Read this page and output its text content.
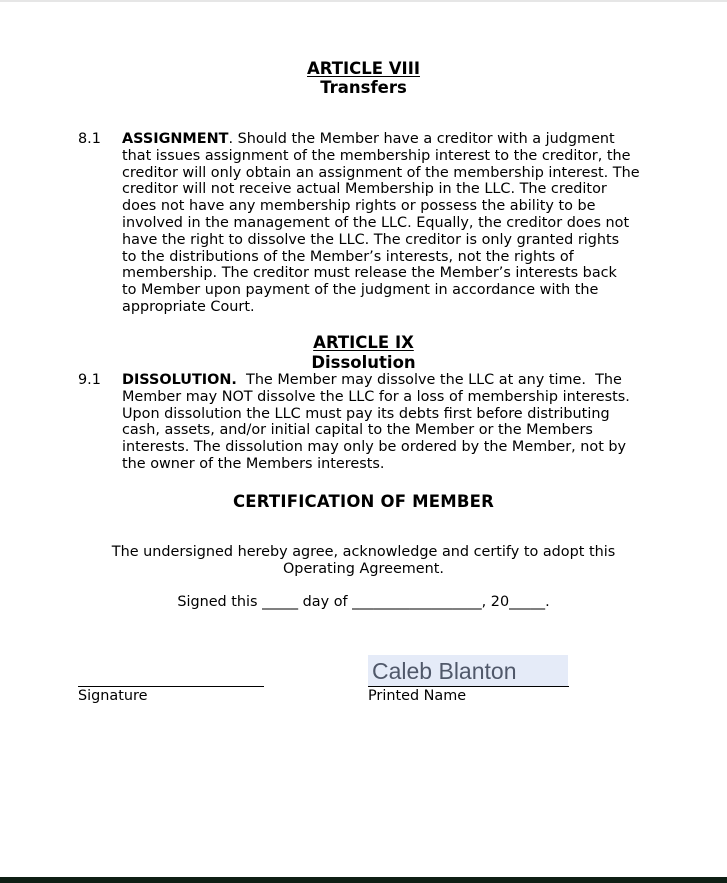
ARTICLE VIII
Transfers
8.1 ASSIGNMENT. Should the Member have a creditor with a judgment
that issues assignment of the membership interest to the creditor, the
creditor will only obtain an assignment of the membership interest. The
creditor will not receive actual Membership in the LLC. The creditor
does not have any membership rights or possess the ability to be
involved in the management of the LLC. Equally, the creditor does not
have the right to dissolve the LLC. The creditor is only granted rights
to the distributions of the Member’s interests, not the rights of
membership. The creditor must release the Member’s interests back
to Member upon payment of the judgment in accordance with the
appropriate Court.
ARTICLE IX
Dissolution
9.1 DISSOLUTION.  The Member may dissolve the LLC at any time.  The
Member may NOT dissolve the LLC for a loss of membership interests.
Upon dissolution the LLC must pay its debts first before distributing
cash, assets, and/or initial capital to the Member or the Members
interests. The dissolution may only be ordered by the Member, not by
the owner of the Members interests.
CERTIFICATION OF MEMBER
The undersigned hereby agree, acknowledge and certify to adopt this
Operating Agreement.
Signed this _____ day of __________________, 20_____.
Signature
Caleb Blanton
Printed Name
